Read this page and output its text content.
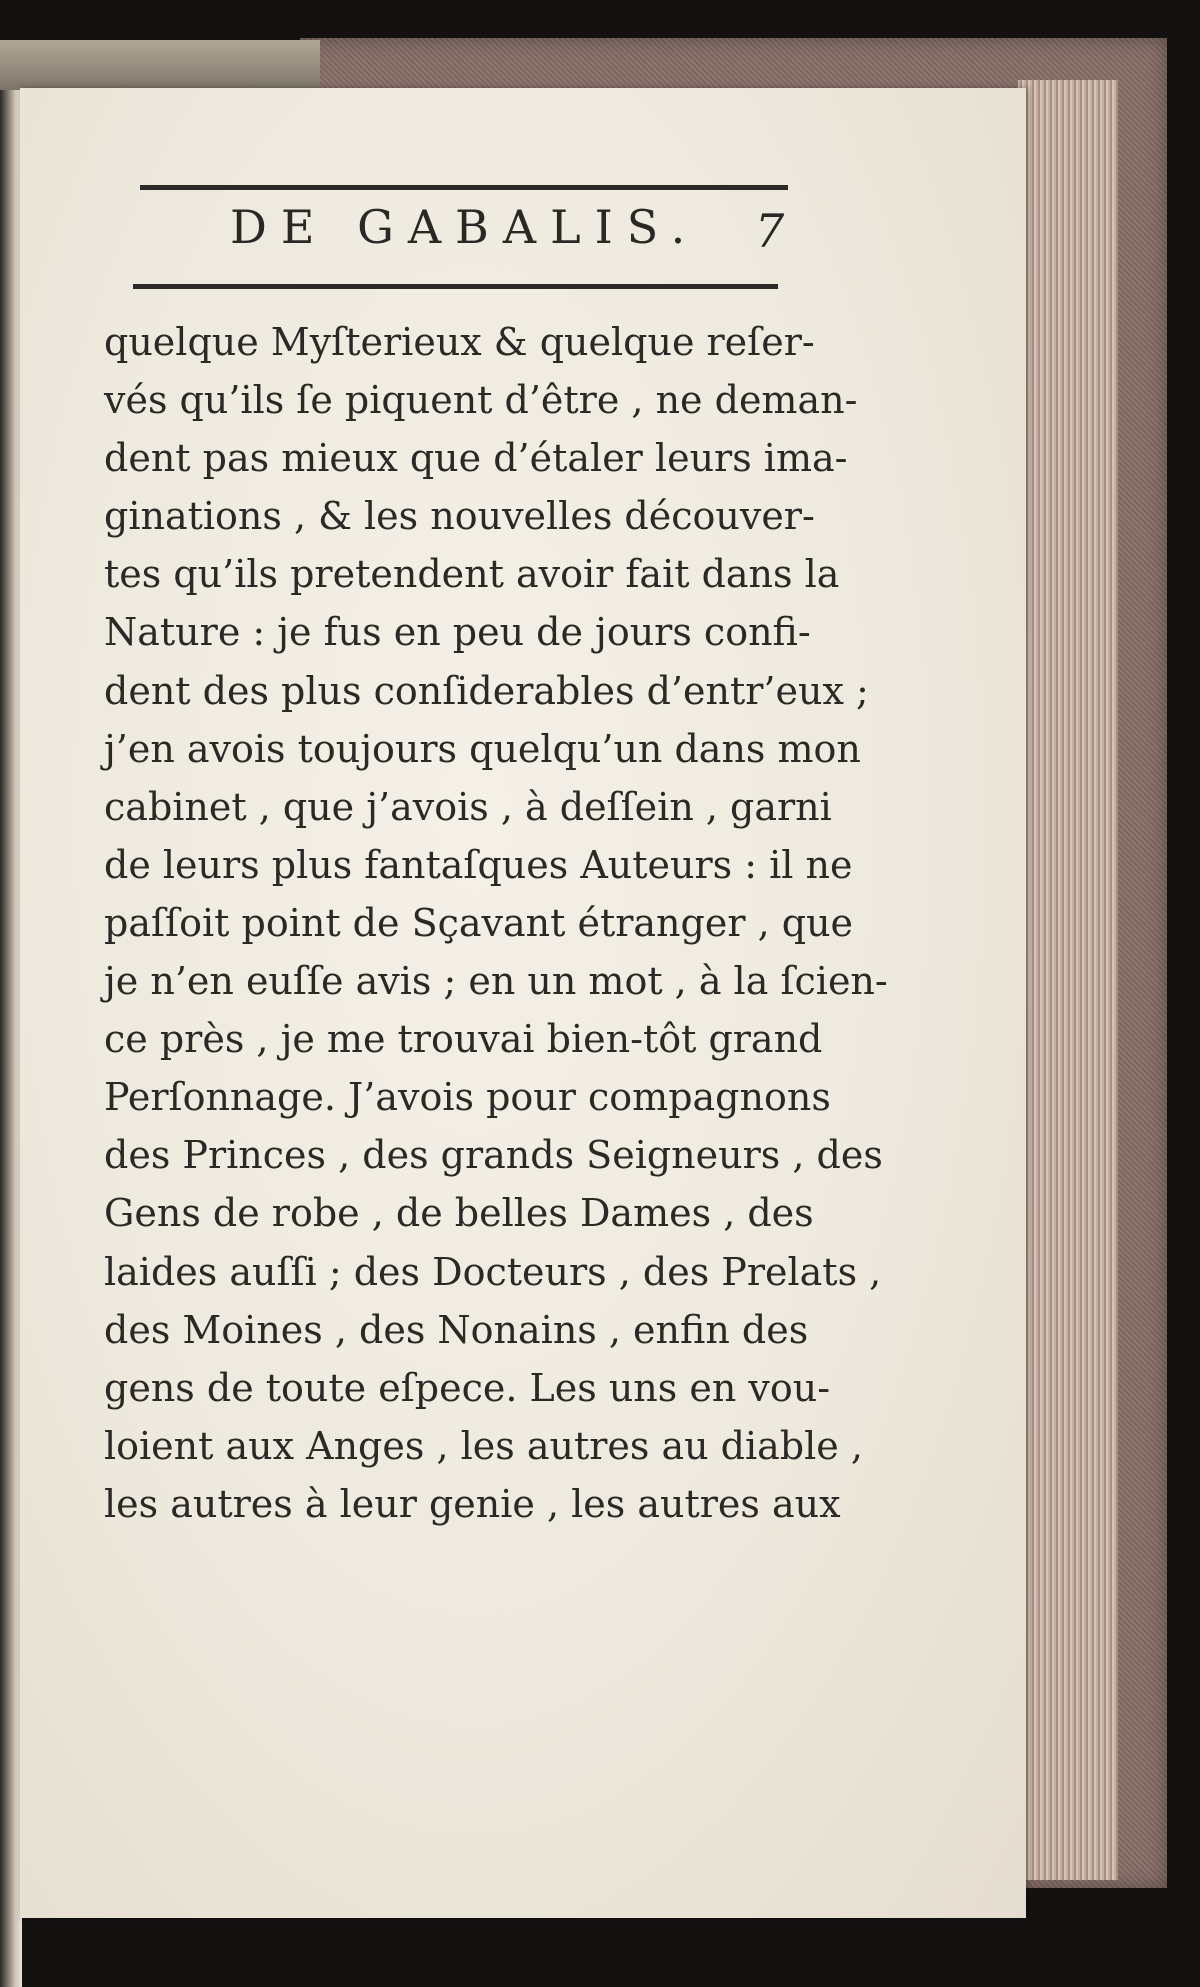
DE GABALIS.	7
quelque Myſterieux & quelque reſer-
vés qu’ils ſe piquent d’être , ne deman-
dent pas mieux que d’étaler leurs ima-
ginations , & les nouvelles découver-
tes qu’ils pretendent avoir fait dans la
Nature : je fus en peu de jours confi-
dent des plus conſiderables d’entr’eux ;
j’en avois toujours quelqu’un dans mon
cabinet , que j’avois , à deſſein , garni
de leurs plus fantaſques Auteurs : il ne
paſſoit point de Sçavant étranger , que
je n’en euſſe avis ; en un mot , à la ſcien-
ce près , je me trouvai bien-tôt grand
Perſonnage. J’avois pour compagnons
des Princes , des grands Seigneurs , des
Gens de robe , de belles Dames , des
laides auſſi ; des Docteurs , des Prelats ,
des Moines , des Nonains , enfin des
gens de toute eſpece. Les uns en vou-
loient aux Anges , les autres au diable ,
les autres à leur genie , les autres aux
